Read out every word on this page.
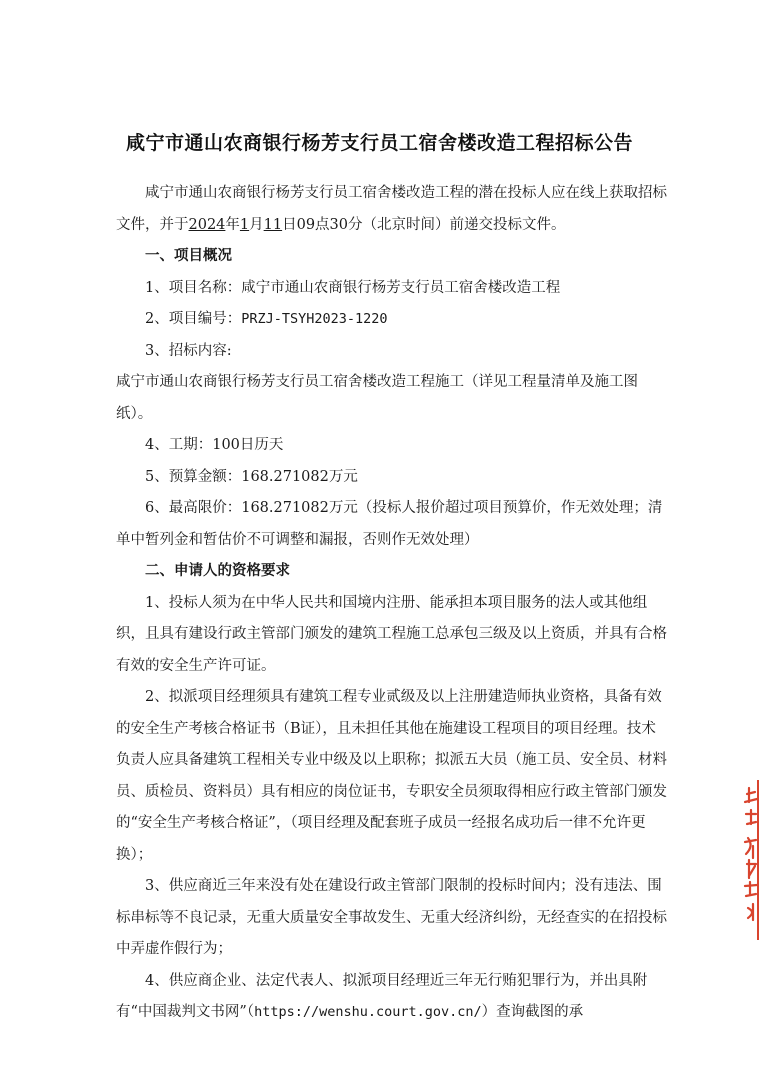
咸宁市通山农商银行杨芳支行员工宿舍楼改造工程招标公告

咸宁市通山农商银行杨芳支行员工宿舍楼改造工程的潜在投标人应在线上获取招标文件，并于2024年1月11日09点30分（北京时间）前递交投标文件。

一、项目概况

1、项目名称：咸宁市通山农商银行杨芳支行员工宿舍楼改造工程

2、项目编号：PRZJ-TSYH2023-1220

3、招标内容:

咸宁市通山农商银行杨芳支行员工宿舍楼改造工程施工（详见工程量清单及施工图纸）。

4、工期：100日历天

5、预算金额：168.271082万元

6、最高限价：168.271082万元（投标人报价超过项目预算价，作无效处理；清单中暂列金和暂估价不可调整和漏报，否则作无效处理）

二、申请人的资格要求

1、投标人须为在中华人民共和国境内注册、能承担本项目服务的法人或其他组织，且具有建设行政主管部门颁发的建筑工程施工总承包三级及以上资质，并具有合格有效的安全生产许可证。

2、拟派项目经理须具有建筑工程专业贰级及以上注册建造师执业资格，具备有效的安全生产考核合格证书（B证），且未担任其他在施建设工程项目的项目经理。技术负责人应具备建筑工程相关专业中级及以上职称；拟派五大员（施工员、安全员、材料员、质检员、资料员）具有相应的岗位证书，专职安全员须取得相应行政主管部门颁发的“安全生产考核合格证”，（项目经理及配套班子成员一经报名成功后一律不允许更换）；

3、供应商近三年来没有处在建设行政主管部门限制的投标时间内；没有违法、围标串标等不良记录，无重大质量安全事故发生、无重大经济纠纷，无经查实的在招投标中弄虚作假行为；

4、供应商企业、法定代表人、拟派项目经理近三年无行贿犯罪行为，并出具附有“中国裁判文书网”（https://wenshu.court.gov.cn/）查询截图的承
